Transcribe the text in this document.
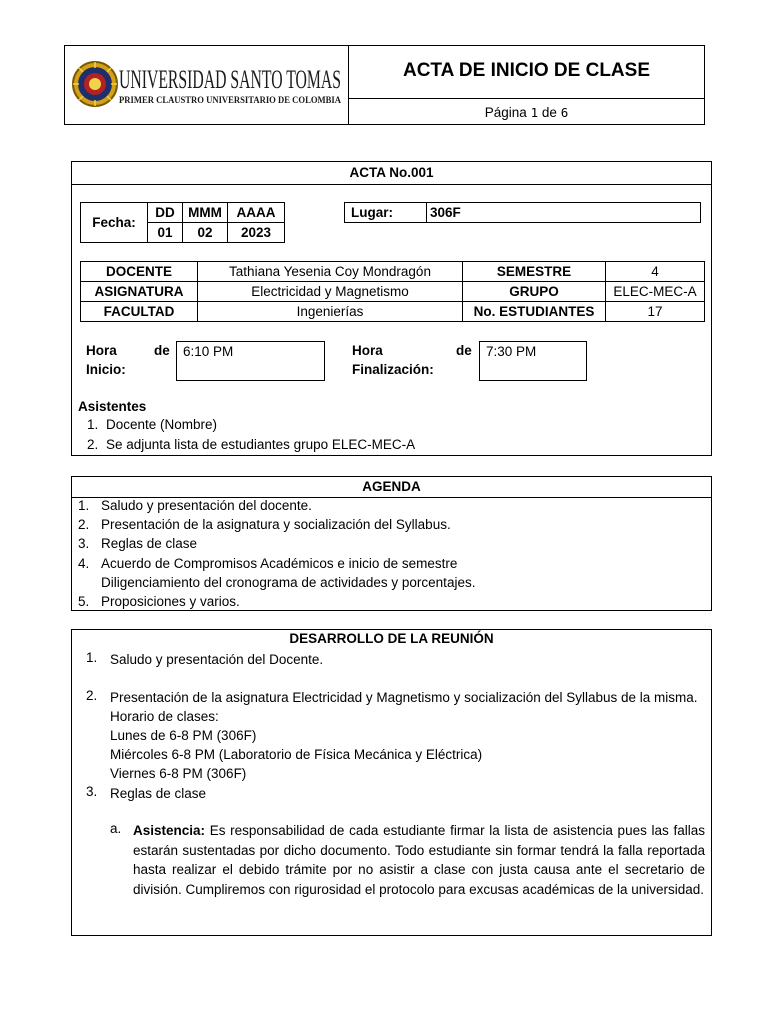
UNIVERSIDAD SANTO TOMAS
PRIMER CLAUSTRO UNIVERSITARIO DE COLOMBIA
ACTA DE INICIO DE CLASE
Página 1 de 6
ACTA No.001
Fecha:	DD	MMM	AAAA
	01	02	2023
Lugar:	306F
DOCENTE	Tathiana Yesenia Coy Mondragón	SEMESTRE	4
ASIGNATURA	Electricidad y Magnetismo	GRUPO	ELEC-MEC-A
FACULTAD	Ingenierías	No. ESTUDIANTES	17
Hora	de

Inicio:
6:10 PM	Hora	de

Finalización:
7:30 PM
Asistentes
1. Docente (Nombre)
2. Se adjunta lista de estudiantes grupo ELEC-MEC-A
AGENDA
1. Saludo y presentación del docente.
2. Presentación de la asignatura y socialización del Syllabus.
3. Reglas de clase
4. Acuerdo de Compromisos Académicos e inicio de semestre
Diligenciamiento del cronograma de actividades y porcentajes.
5. Proposiciones y varios.
DESARROLLO DE LA REUNIÓN
1. Saludo y presentación del Docente.
2. Presentación de la asignatura Electricidad y Magnetismo y socialización del Syllabus de la misma.
Horario de clases:
Lunes de 6-8 PM (306F)
Miércoles 6-8 PM (Laboratorio de Física Mecánica y Eléctrica)
Viernes 6-8 PM (306F)
3. Reglas de clase
a. Asistencia: Es responsabilidad de cada estudiante firmar la lista de asistencia pues las fallas estarán sustentadas por dicho documento. Todo estudiante sin formar tendrá la falla reportada hasta realizar el debido trámite por no asistir a clase con justa causa ante el secretario de división. Cumpliremos con rigurosidad el protocolo para excusas académicas de la universidad.
